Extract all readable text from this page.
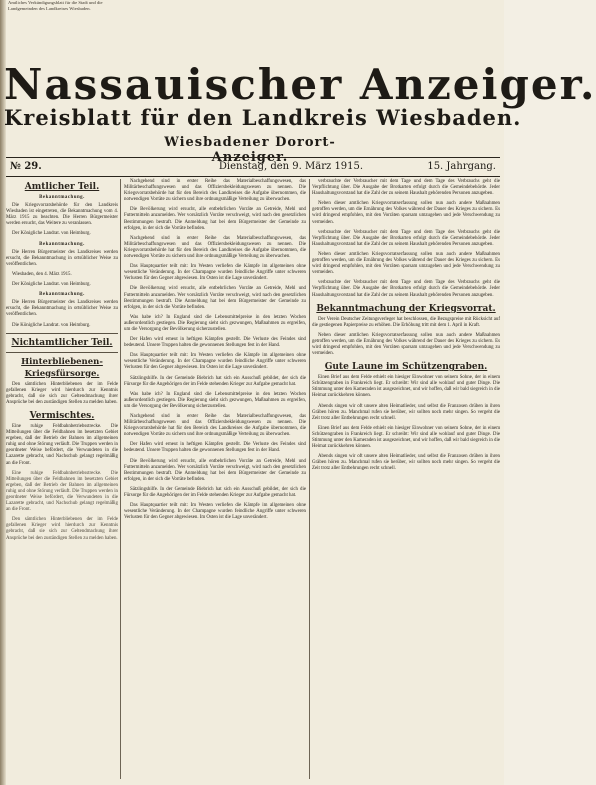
Amtliches Verkündigungsblatt für die Stadt und die Landgemeinden des Landkreises Wiesbaden.
Nassauischer Anzeiger.
Kreisblatt für den Landkreis Wiesbaden.
Wiesbadener Dorort-Anzeiger.
№ 29.	Dienstag, den 9. März 1915.	15. Jahrgang.
Amtlicher Teil.
Bekanntmachung.
Die Kriegsvorratsbehörde für den Landkreis Wiesbaden ist eingetreten, die Bekanntmachung vom 4. März 1915 zu beachten. Die Herren Bürgermeister werden ersucht, das Weitere zu veranlassen.
Der Königliche Landrat. von Heimburg.
Bekanntmachung.
Die Herren Bürgermeister des Landkreises werden ersucht, die Bekanntmachung in ortsüblicher Weise zu veröffentlichen.
Wiesbaden, den 4. März 1915.
Der Königliche Landrat. von Heimburg.
Bekanntmachung.
Die Herren Bürgermeister des Landkreises werden ersucht, die Bekanntmachung in ortsüblicher Weise zu veröffentlichen.
Die Königliche Landrat. von Heimburg.
Nichtamtlicher Teil.
Hinterbliebenen-Kriegsfürsorge.
Den sämtlichen Hinterbliebenen der im Felde gefallenen Krieger wird hierdurch zur Kenntnis gebracht, daß sie sich zur Geltendmachung ihrer Ansprüche bei den zuständigen Stellen zu melden haben.
Vermischtes.
Eine ruhige Feldbahnbetriebsstrecke. Die Mitteilungen über die Feldbahnen im besetzten Gebiet ergeben, daß der Betrieb der Bahnen im allgemeinen ruhig und ohne Störung verläuft. Die Truppen werden in geordneter Weise befördert, die Verwundeten in die Lazarette gebracht, und Nachschub gelangt regelmäßig an die Front.
Eine ruhige Feldbahnbetriebsstrecke. Die Mitteilungen über die Feldbahnen im besetzten Gebiet ergeben, daß der Betrieb der Bahnen im allgemeinen ruhig und ohne Störung verläuft. Die Truppen werden in geordneter Weise befördert, die Verwundeten in die Lazarette gebracht, und Nachschub gelangt regelmäßig an die Front.
Den sämtlichen Hinterbliebenen der im Felde gefallenen Krieger wird hierdurch zur Kenntnis gebracht, daß sie sich zur Geltendmachung ihrer Ansprüche bei den zuständigen Stellen zu melden haben.
Nachgehend sind in erster Reihe das Materialbeschaffungswesen, das Militärbeschaffungswesen und das Offiziersbekleidungswesen zu nennen. Die Kriegsvorratsbehörde hat für den Bereich des Landkreises die Aufgabe übernommen, die notwendigen Vorräte zu sichern und ihre ordnungsmäßige Verteilung zu überwachen.
Die Bevölkerung wird ersucht, alle entbehrlichen Vorräte an Getreide, Mehl und Futtermitteln anzumelden. Wer vorsätzlich Vorräte verschweigt, wird nach den gesetzlichen Bestimmungen bestraft. Die Anmeldung hat bei dem Bürgermeister der Gemeinde zu erfolgen, in der sich die Vorräte befinden.
Nachgehend sind in erster Reihe das Materialbeschaffungswesen, das Militärbeschaffungswesen und das Offiziersbekleidungswesen zu nennen. Die Kriegsvorratsbehörde hat für den Bereich des Landkreises die Aufgabe übernommen, die notwendigen Vorräte zu sichern und ihre ordnungsmäßige Verteilung zu überwachen.
Das Hauptquartier teilt mit: Im Westen verliefen die Kämpfe im allgemeinen ohne wesentliche Veränderung. In der Champagne wurden feindliche Angriffe unter schweren Verlusten für den Gegner abgewiesen. Im Osten ist die Lage unverändert.
Die Bevölkerung wird ersucht, alle entbehrlichen Vorräte an Getreide, Mehl und Futtermitteln anzumelden. Wer vorsätzlich Vorräte verschweigt, wird nach den gesetzlichen Bestimmungen bestraft. Die Anmeldung hat bei dem Bürgermeister der Gemeinde zu erfolgen, in der sich die Vorräte befinden.
Was habe ich? In England sind die Lebensmittelpreise in den letzten Wochen außerordentlich gestiegen. Die Regierung sieht sich gezwungen, Maßnahmen zu ergreifen, um die Versorgung der Bevölkerung sicherzustellen.
Der Hafen wird erneut in heftigen Kämpfen gestellt. Die Verluste des Feindes sind bedeutend. Unsere Truppen halten die gewonnenen Stellungen fest in der Hand.
Das Hauptquartier teilt mit: Im Westen verliefen die Kämpfe im allgemeinen ohne wesentliche Veränderung. In der Champagne wurden feindliche Angriffe unter schweren Verlusten für den Gegner abgewiesen. Im Osten ist die Lage unverändert.
Sätzlingshilfe. In der Gemeinde Biebrich hat sich ein Ausschuß gebildet, der sich die Fürsorge für die Angehörigen der im Felde stehenden Krieger zur Aufgabe gemacht hat.
Was habe ich? In England sind die Lebensmittelpreise in den letzten Wochen außerordentlich gestiegen. Die Regierung sieht sich gezwungen, Maßnahmen zu ergreifen, um die Versorgung der Bevölkerung sicherzustellen.
Nachgehend sind in erster Reihe das Materialbeschaffungswesen, das Militärbeschaffungswesen und das Offiziersbekleidungswesen zu nennen. Die Kriegsvorratsbehörde hat für den Bereich des Landkreises die Aufgabe übernommen, die notwendigen Vorräte zu sichern und ihre ordnungsmäßige Verteilung zu überwachen.
Der Hafen wird erneut in heftigen Kämpfen gestellt. Die Verluste des Feindes sind bedeutend. Unsere Truppen halten die gewonnenen Stellungen fest in der Hand.
Die Bevölkerung wird ersucht, alle entbehrlichen Vorräte an Getreide, Mehl und Futtermitteln anzumelden. Wer vorsätzlich Vorräte verschweigt, wird nach den gesetzlichen Bestimmungen bestraft. Die Anmeldung hat bei dem Bürgermeister der Gemeinde zu erfolgen, in der sich die Vorräte befinden.
Sätzlingshilfe. In der Gemeinde Biebrich hat sich ein Ausschuß gebildet, der sich die Fürsorge für die Angehörigen der im Felde stehenden Krieger zur Aufgabe gemacht hat.
Das Hauptquartier teilt mit: Im Westen verliefen die Kämpfe im allgemeinen ohne wesentliche Veränderung. In der Champagne wurden feindliche Angriffe unter schweren Verlusten für den Gegner abgewiesen. Im Osten ist die Lage unverändert.
verbrauchte der Verbraucher mit dem Tage und dem Tage des Verbrauchs geht die Verpflichtung über. Die Ausgabe der Brotkarten erfolgt durch die Gemeindebehörde. Jeder Haushaltungsvorstand hat die Zahl der zu seinem Haushalt gehörenden Personen anzugeben.
Neben dieser amtlichen Kriegsvorratserfassung sollen nun auch andere Maßnahmen getroffen werden, um die Ernährung des Volkes während der Dauer des Krieges zu sichern. Es wird dringend empfohlen, mit den Vorräten sparsam umzugehen und jede Verschwendung zu vermeiden.
verbrauchte der Verbraucher mit dem Tage und dem Tage des Verbrauchs geht die Verpflichtung über. Die Ausgabe der Brotkarten erfolgt durch die Gemeindebehörde. Jeder Haushaltungsvorstand hat die Zahl der zu seinem Haushalt gehörenden Personen anzugeben.
Neben dieser amtlichen Kriegsvorratserfassung sollen nun auch andere Maßnahmen getroffen werden, um die Ernährung des Volkes während der Dauer des Krieges zu sichern. Es wird dringend empfohlen, mit den Vorräten sparsam umzugehen und jede Verschwendung zu vermeiden.
verbrauchte der Verbraucher mit dem Tage und dem Tage des Verbrauchs geht die Verpflichtung über. Die Ausgabe der Brotkarten erfolgt durch die Gemeindebehörde. Jeder Haushaltungsvorstand hat die Zahl der zu seinem Haushalt gehörenden Personen anzugeben.
Bekanntmachung der Kriegsvorrat.
Der Verein Deutscher Zeitungsverleger hat beschlossen, die Bezugspreise mit Rücksicht auf die gestiegenen Papierpreise zu erhöhen. Die Erhöhung tritt mit dem 1. April in Kraft.
Neben dieser amtlichen Kriegsvorratserfassung sollen nun auch andere Maßnahmen getroffen werden, um die Ernährung des Volkes während der Dauer des Krieges zu sichern. Es wird dringend empfohlen, mit den Vorräten sparsam umzugehen und jede Verschwendung zu vermeiden.
Gute Laune im Schützengraben.
Einen Brief aus dem Felde erhielt ein hiesiger Einwohner von seinem Sohne, der in einem Schützengraben in Frankreich liegt. Er schreibt: Wir sind alle wohlauf und guter Dinge. Die Stimmung unter den Kameraden ist ausgezeichnet, und wir hoffen, daß wir bald siegreich in die Heimat zurückkehren können.
Abends singen wir oft unsere alten Heimatlieder, und selbst die Franzosen drüben in ihren Gräben hören zu. Manchmal rufen sie herüber, wir sollten noch mehr singen. So vergeht die Zeit trotz aller Entbehrungen recht schnell.
Einen Brief aus dem Felde erhielt ein hiesiger Einwohner von seinem Sohne, der in einem Schützengraben in Frankreich liegt. Er schreibt: Wir sind alle wohlauf und guter Dinge. Die Stimmung unter den Kameraden ist ausgezeichnet, und wir hoffen, daß wir bald siegreich in die Heimat zurückkehren können.
Abends singen wir oft unsere alten Heimatlieder, und selbst die Franzosen drüben in ihren Gräben hören zu. Manchmal rufen sie herüber, wir sollten noch mehr singen. So vergeht die Zeit trotz aller Entbehrungen recht schnell.
